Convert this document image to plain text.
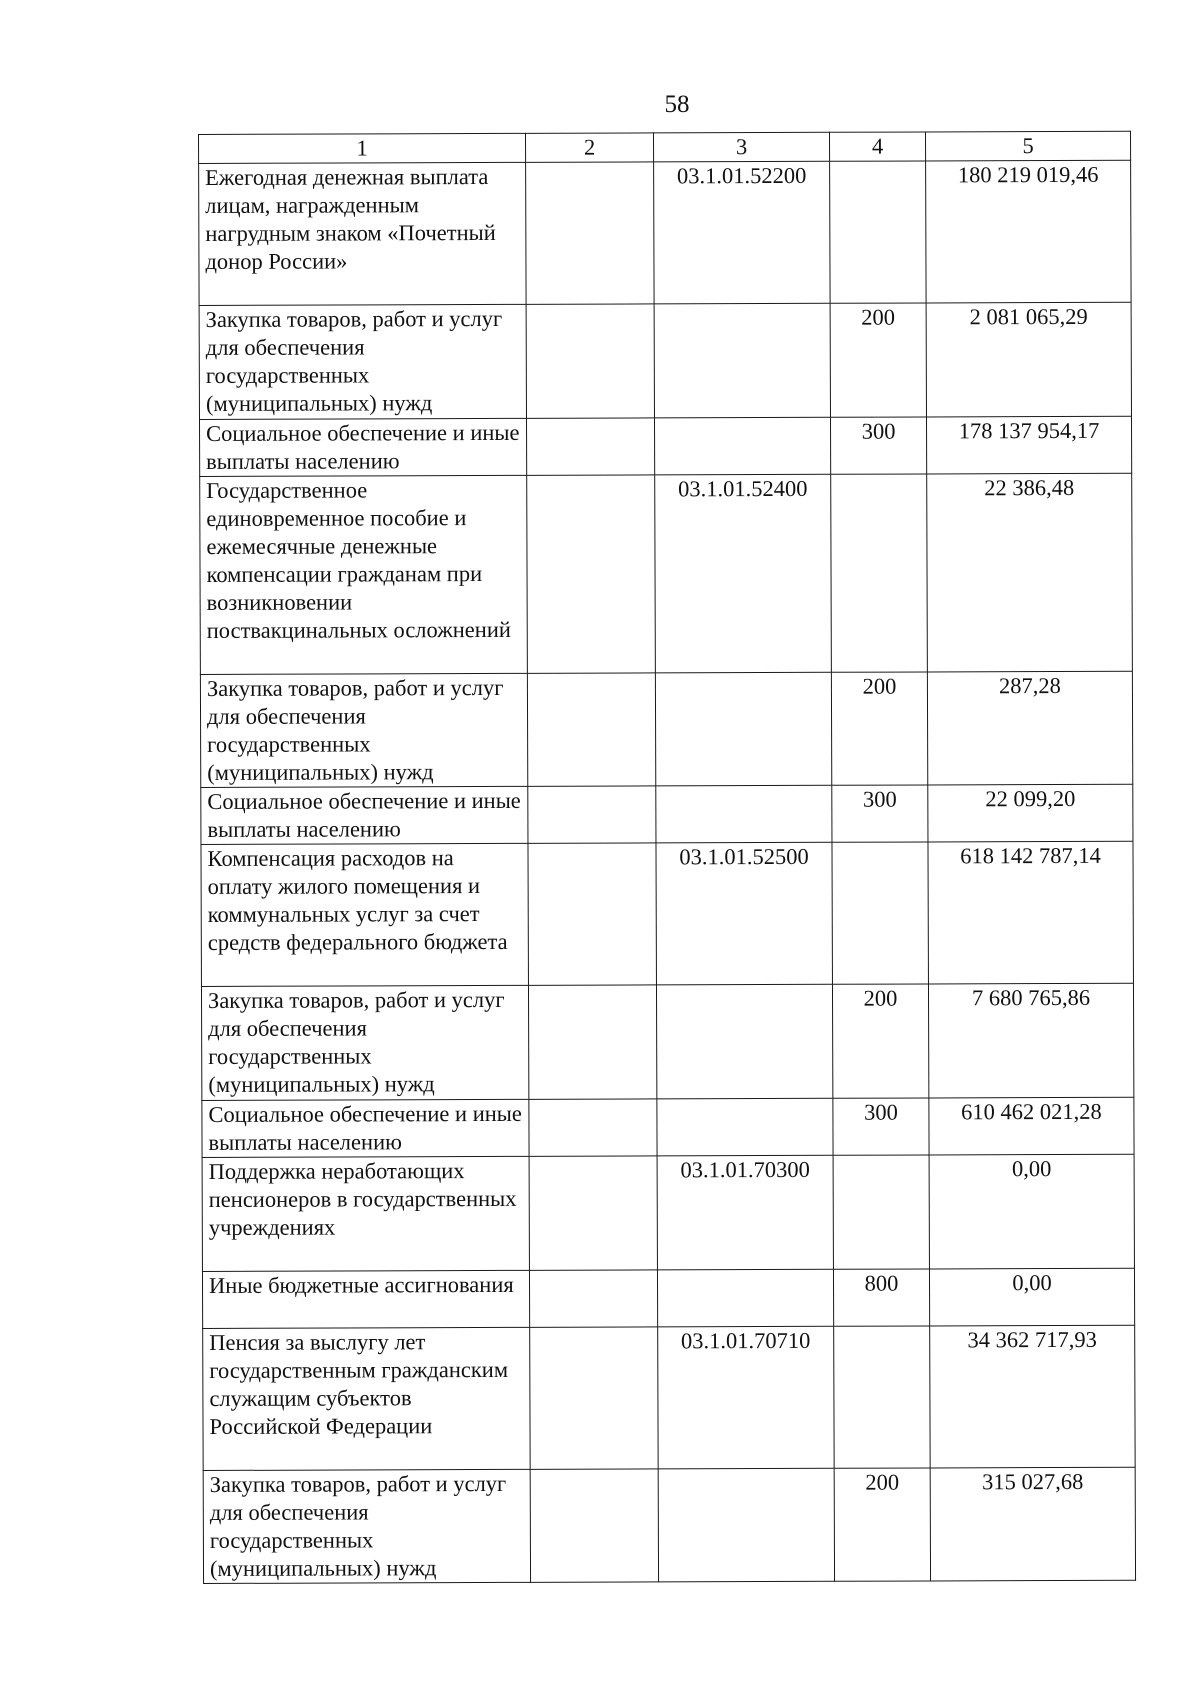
58
1	2	3	4	5
Ежегодная денежная выплата лицам, награжденным нагрудным знаком «Почетный донор России»		03.1.01.52200		180 219 019,46
Закупка товаров, работ и услуг для обеспечения государственных (муниципальных) нужд			200	2 081 065,29
Социальное обеспечение и иные выплаты населению			300	178 137 954,17
Государственное единовременное пособие и ежемесячные денежные компенсации гражданам при возникновении поствакцинальных осложнений		03.1.01.52400		22 386,48
Закупка товаров, работ и услуг для обеспечения государственных (муниципальных) нужд			200	287,28
Социальное обеспечение и иные выплаты населению			300	22 099,20
Компенсация расходов на оплату жилого помещения и коммунальных услуг за счет средств федерального бюджета		03.1.01.52500		618 142 787,14
Закупка товаров, работ и услуг для обеспечения государственных (муниципальных) нужд			200	7 680 765,86
Социальное обеспечение и иные выплаты населению			300	610 462 021,28
Поддержка неработающих пенсионеров в государственных учреждениях		03.1.01.70300		0,00
Иные бюджетные ассигнования			800	0,00
Пенсия за выслугу лет государственным гражданским служащим субъектов Российской Федерации		03.1.01.70710		34 362 717,93
Закупка товаров, работ и услуг для обеспечения государственных (муниципальных) нужд			200	315 027,68
